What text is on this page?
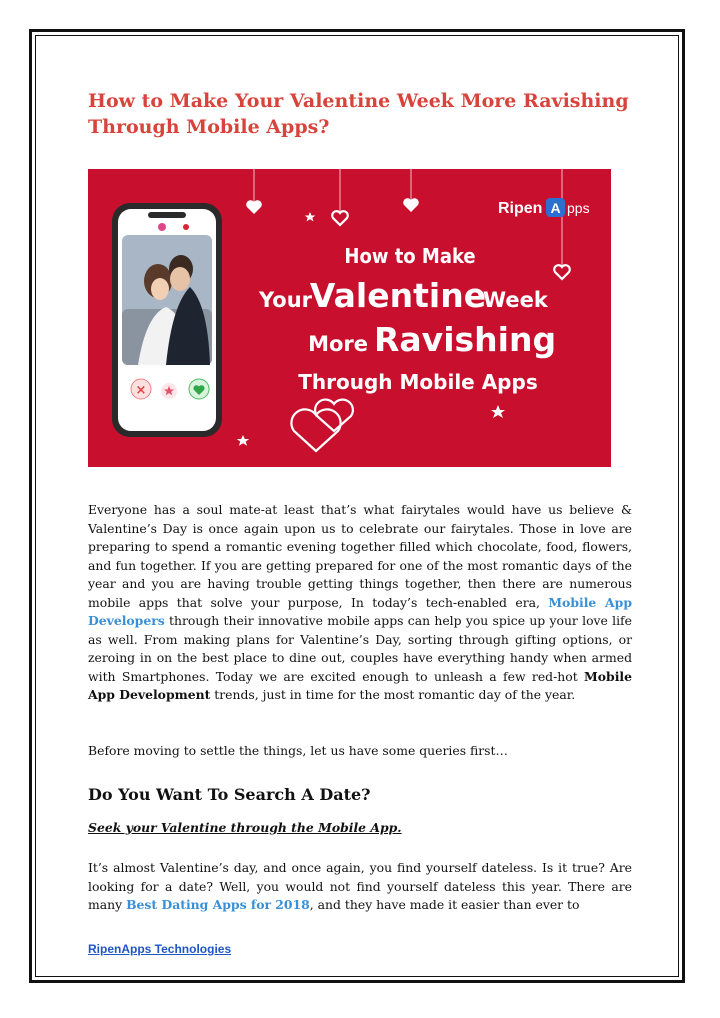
How to Make Your Valentine Week More Ravishing Through Mobile Apps?
×
Ripen A pps
How to Make
Your
Valentine
Week
More Ravishing
Through Mobile Apps

Everyone has a soul mate-at least that’s what fairytales would have us believe & Valentine’s Day is once again upon us to celebrate our fairytales. Those in love are preparing to spend a romantic evening together filled which chocolate, food, flowers, and fun together. If you are getting prepared for one of the most romantic days of the year and you are having trouble getting things together, then there are numerous mobile apps that solve your purpose, In today’s tech-enabled era, Mobile App Developers through their innovative mobile apps can help you spice up your love life as well. From making plans for Valentine’s Day, sorting through gifting options, or zeroing in on the best place to dine out, couples have everything handy when armed with Smartphones. Today we are excited enough to unleash a few red-hot Mobile App Development trends, just in time for the most romantic day of the year.

Before moving to settle the things, let us have some queries first…

Do You Want To Search A Date?

Seek your Valentine through the Mobile App.

It’s almost Valentine’s day, and once again, you find yourself dateless. Is it true? Are looking for a date? Well, you would not find yourself dateless this year. There are many Best Dating Apps for 2018, and they have made it easier than ever to

RipenApps Technologies
